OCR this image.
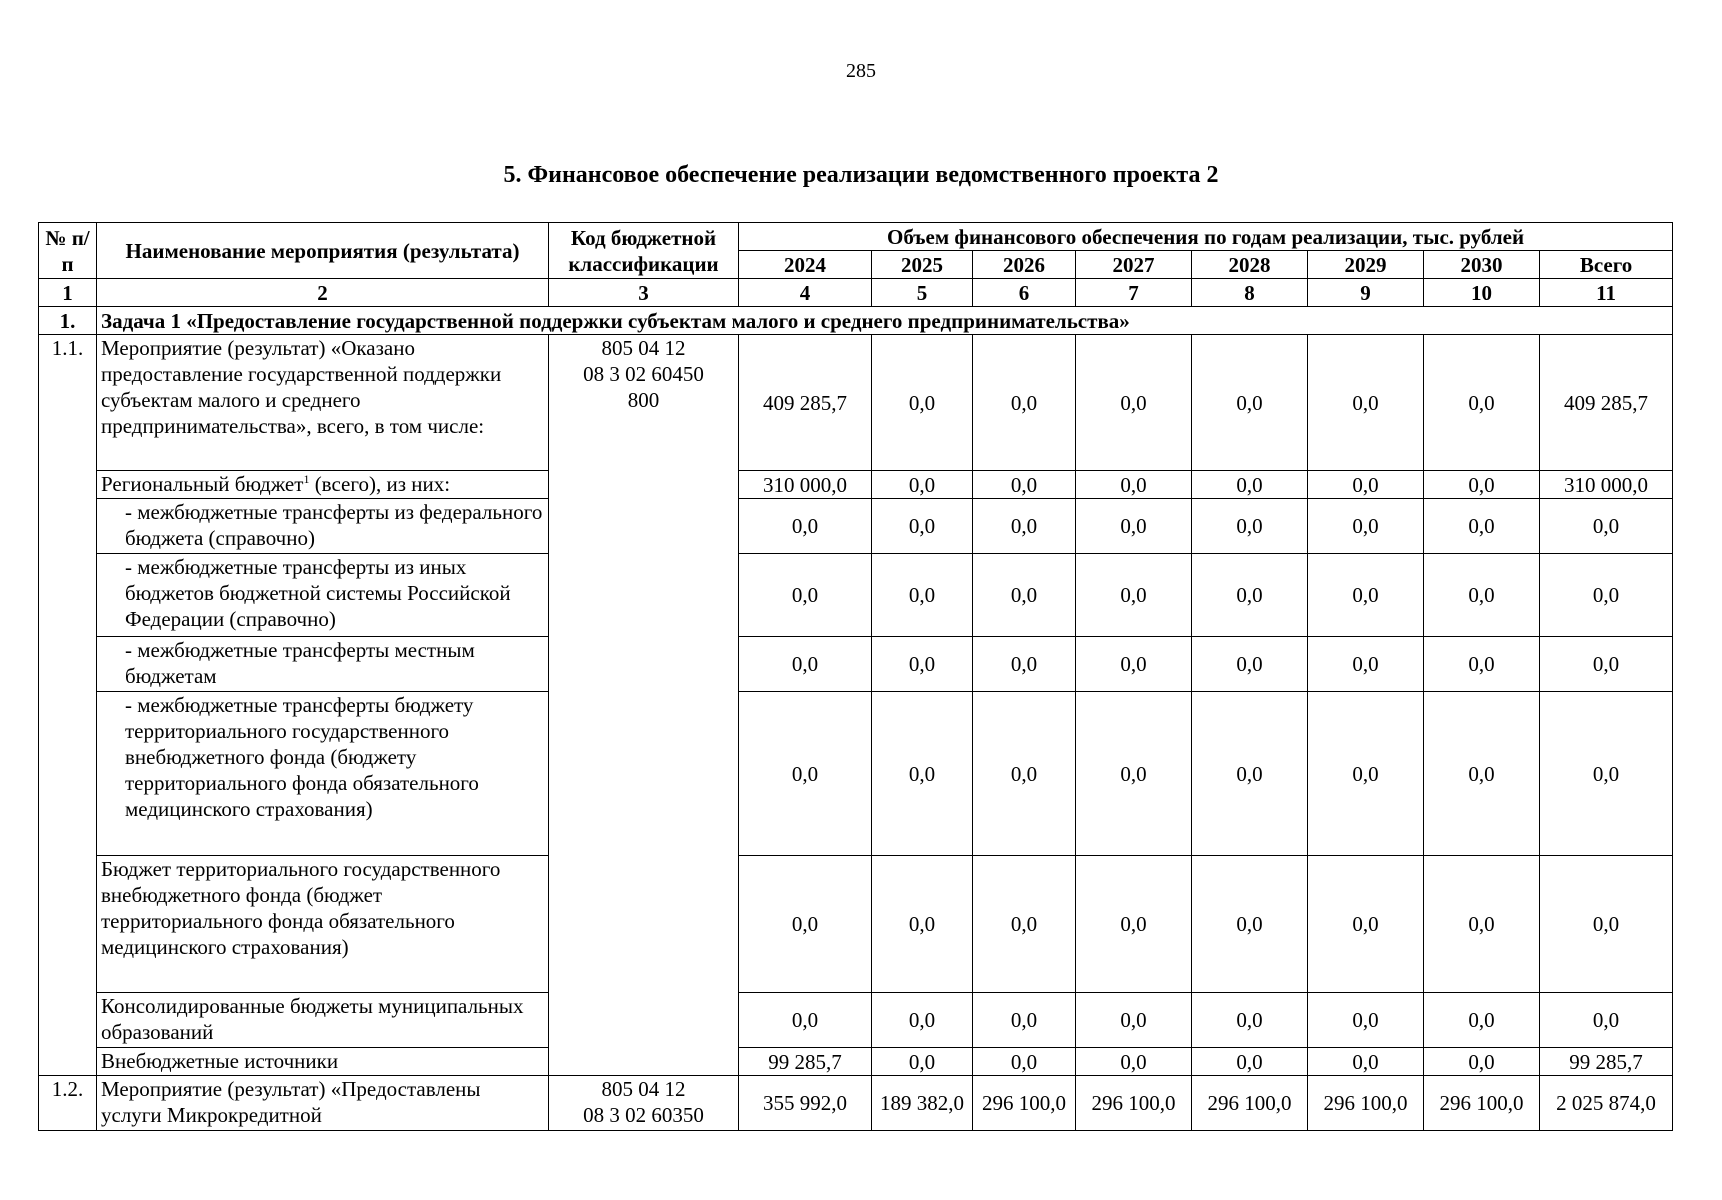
285
5. Финансовое обеспечение реализации ведомственного проекта 2
№ п/п	Наименование мероприятия (результата)	Код бюджетной классификации	Объем финансового обеспечения по годам реализации, тыс. рублей							
			2024	2025	2026	2027	2028	2029	2030	Всего
1	2	3	4	5	6	7	8	9	10	11
1.	Задача 1 «Предоставление государственной поддержки субъектам малого и среднего предпринимательства»									
1.1.	Мероприятие (результат) «Оказано предоставление государственной поддержки субъектам малого и среднего предпринимательства», всего, в том числе:	805 04 12
08 3 02 60450
800	409 285,7	0,0	0,0	0,0	0,0	0,0	0,0	409 285,7
	Региональный бюджет$^1$ (всего), из них:		310 000,0	0,0	0,0	0,0	0,0	0,0	0,0	310 000,0
	- межбюджетные трансферты из федерального бюджета (справочно)		0,0	0,0	0,0	0,0	0,0	0,0	0,0	0,0
	- межбюджетные трансферты из иных бюджетов бюджетной системы Российской Федерации (справочно)		0,0	0,0	0,0	0,0	0,0	0,0	0,0	0,0
	- межбюджетные трансферты местным бюджетам		0,0	0,0	0,0	0,0	0,0	0,0	0,0	0,0
	- межбюджетные трансферты бюджету территориального государственного внебюджетного фонда (бюджету территориального фонда обязательного медицинского страхования)		0,0	0,0	0,0	0,0	0,0	0,0	0,0	0,0
	Бюджет территориального государственного внебюджетного фонда (бюджет территориального фонда обязательного медицинского страхования)		0,0	0,0	0,0	0,0	0,0	0,0	0,0	0,0
	Консолидированные бюджеты муниципальных образований		0,0	0,0	0,0	0,0	0,0	0,0	0,0	0,0
	Внебюджетные источники		99 285,7	0,0	0,0	0,0	0,0	0,0	0,0	99 285,7
1.2.	Мероприятие (результат) «Предоставлены услуги Микрокредитной	805 04 12
08 3 02 60350	355 992,0	189 382,0	296 100,0	296 100,0	296 100,0	296 100,0	296 100,0	2 025 874,0
